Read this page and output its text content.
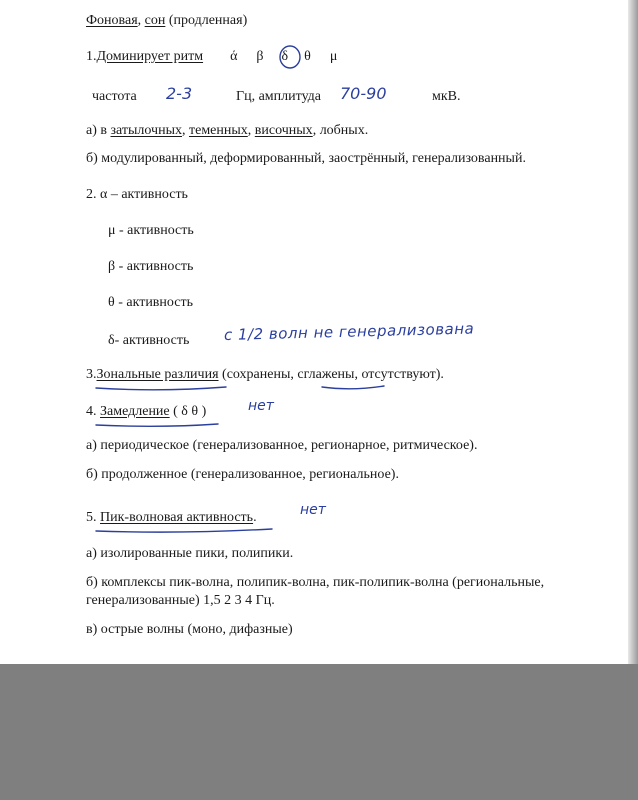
Фоновая, сон (продленная)
1.Доминирует ритм ά β δ θ μ
частота 2-3	Гц, амплитуда 70-90	мкВ.
а) в затылочных, теменных, височных, лобных.
б) модулированный, деформированный, заострённый, генерализованный.
2. α – активность
μ - активность
β - активность
θ - активность
δ- активность с 1/2 волн не генерализована
3.Зональные различия (сохранены, сглажены, отсутствуют).
4. Замедление ( δ θ )	нет
а) периодическое (генерализованное, регионарное, ритмическое).
б) продолженное (генерализованное, региональное).
5. Пик-волновая активность.	нет
а) изолированные пики, полипики.
б) комплексы пик-волна, полипик-волна, пик-полипик-волна (региональные,
генерализованные) 1,5 2 3 4 Гц.
в) острые волны (моно, дифазные)
